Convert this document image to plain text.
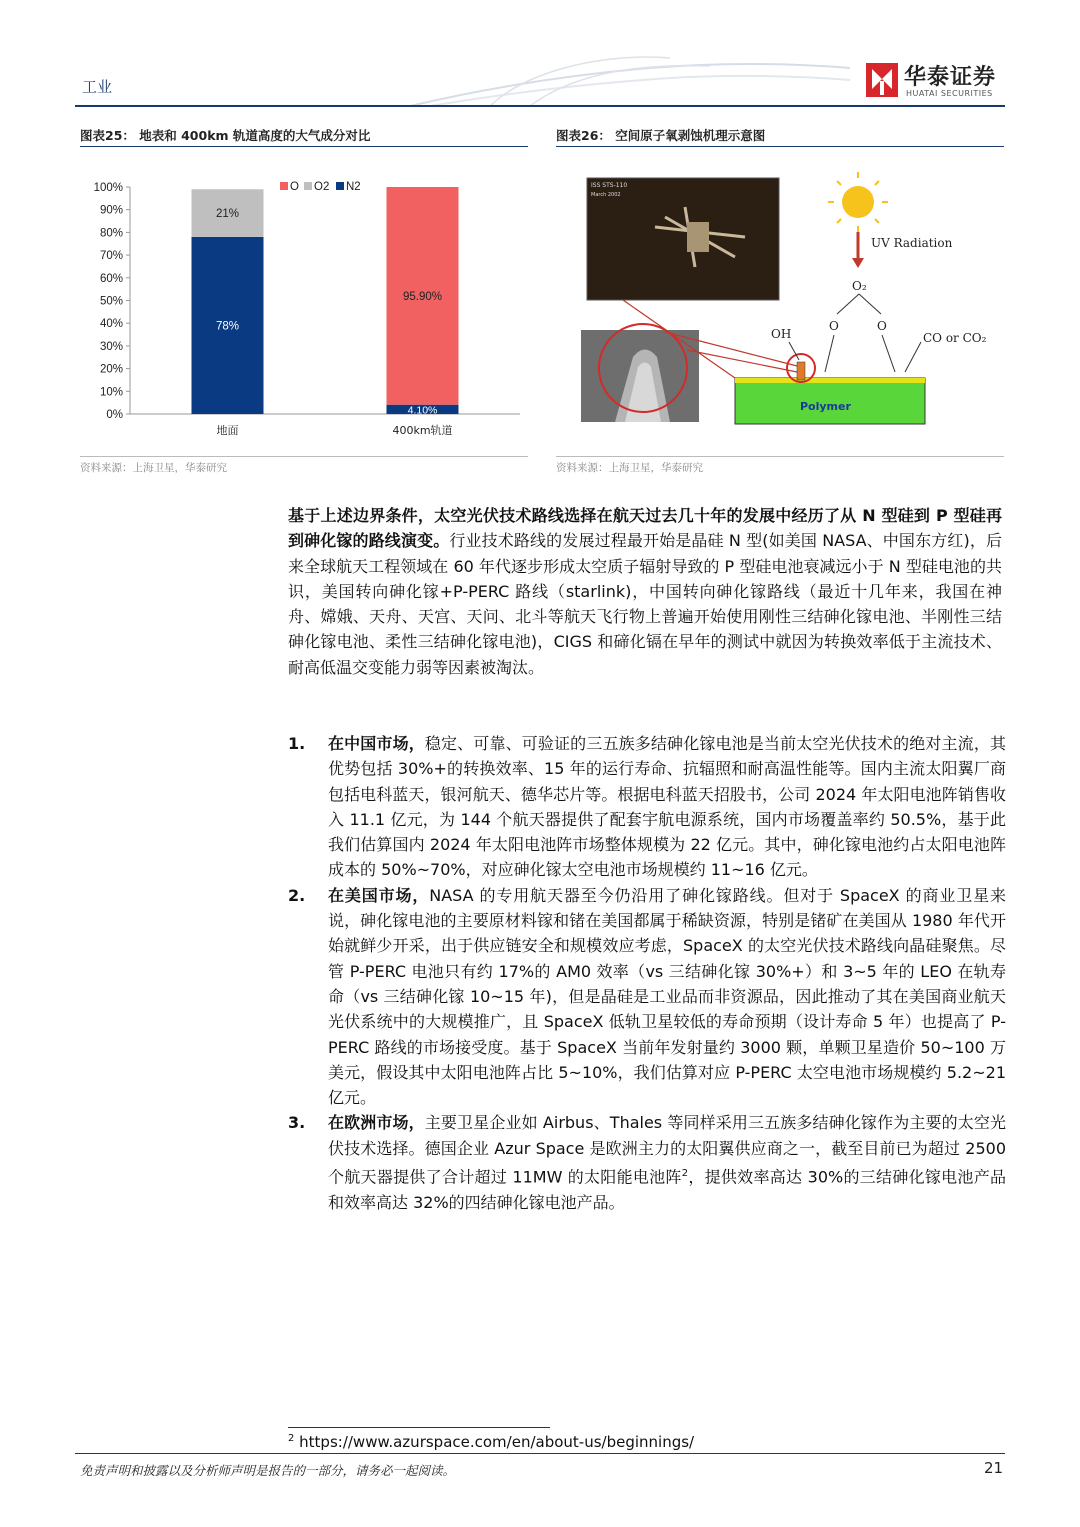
工业	华泰证券
HUATAI SECURITIES
图表25： 地表和 400km 轨道高度的大气成分对比
0%
10%
20%
30%
40%
50%
60%
70%
80%
90%
100%
78%
21%
地面
4.10%
95.90%
400km轨道
O O2 N2
资料来源：上海卫星，华泰研究
图表26： 空间原子氧剥蚀机理示意图
ISS STS-110
March 2002
Polymer
UV Radiation
O₂
O	O
OH	CO or CO₂
资料来源：上海卫星，华泰研究
基于上述边界条件，太空光伏技术路线选择在航天过去几十年的发展中经历了从 N 型硅到 P 型硅再到砷化镓的路线演变。行业技术路线的发展过程最开始是晶硅 N 型(如美国 NASA、中国东方红)，后来全球航天工程领域在 60 年代逐步形成太空质子辐射导致的 P 型硅电池衰减远小于 N 型硅电池的共识，美国转向砷化镓+P-PERC 路线（starlink)，中国转向砷化镓路线（最近十几年来，我国在神舟、嫦娥、天舟、天宫、天问、北斗等航天飞行物上普遍开始使用刚性三结砷化镓电池、半刚性三结砷化镓电池、柔性三结砷化镓电池)，CIGS 和碲化镉在早年的测试中就因为转换效率低于主流技术、耐高低温交变能力弱等因素被淘汰。
1. 在中国市场，稳定、可靠、可验证的三五族多结砷化镓电池是当前太空光伏技术的绝对主流，其优势包括 30%+的转换效率、15 年的运行寿命、抗辐照和耐高温性能等。国内主流太阳翼厂商包括电科蓝天，银河航天、德华芯片等。根据电科蓝天招股书，公司 2024 年太阳电池阵销售收入 11.1 亿元，为 144 个航天器提供了配套宇航电源系统，国内市场覆盖率约 50.5%，基于此我们估算国内 2024 年太阳电池阵市场整体规模为 22 亿元。其中，砷化镓电池约占太阳电池阵成本的 50%~70%，对应砷化镓太空电池市场规模约 11~16 亿元。
2. 在美国市场，NASA 的专用航天器至今仍沿用了砷化镓路线。但对于 SpaceX 的商业卫星来说，砷化镓电池的主要原材料镓和锗在美国都属于稀缺资源，特别是锗矿在美国从 1980 年代开始就鲜少开采，出于供应链安全和规模效应考虑，SpaceX 的太空光伏技术路线向晶硅聚焦。尽管 P-PERC 电池只有约 17%的 AM0 效率（vs 三结砷化镓 30%+）和 3~5 年的 LEO 在轨寿命（vs 三结砷化镓 10~15 年)，但是晶硅是工业品而非资源品，因此推动了其在美国商业航天光伏系统中的大规模推广，且 SpaceX 低轨卫星较低的寿命预期（设计寿命 5 年）也提高了 P-PERC 路线的市场接受度。基于 SpaceX 当前年发射量约 3000 颗，单颗卫星造价 50~100 万美元，假设其中太阳电池阵占比 5~10%，我们估算对应 P-PERC 太空电池市场规模约 5.2~21 亿元。
3. 在欧洲市场，主要卫星企业如 Airbus、Thales 等同样采用三五族多结砷化镓作为主要的太空光伏技术选择。德国企业 Azur Space 是欧洲主力的太阳翼供应商之一，截至目前已为超过 2500 个航天器提供了合计超过 11MW 的太阳能电池阵$^2$，提供效率高达 30%的三结砷化镓电池产品和效率高达 32%的四结砷化镓电池产品。
$^2$ https://www.azurspace.com/en/about-us/beginnings/
免责声明和披露以及分析师声明是报告的一部分，请务必一起阅读。	21
